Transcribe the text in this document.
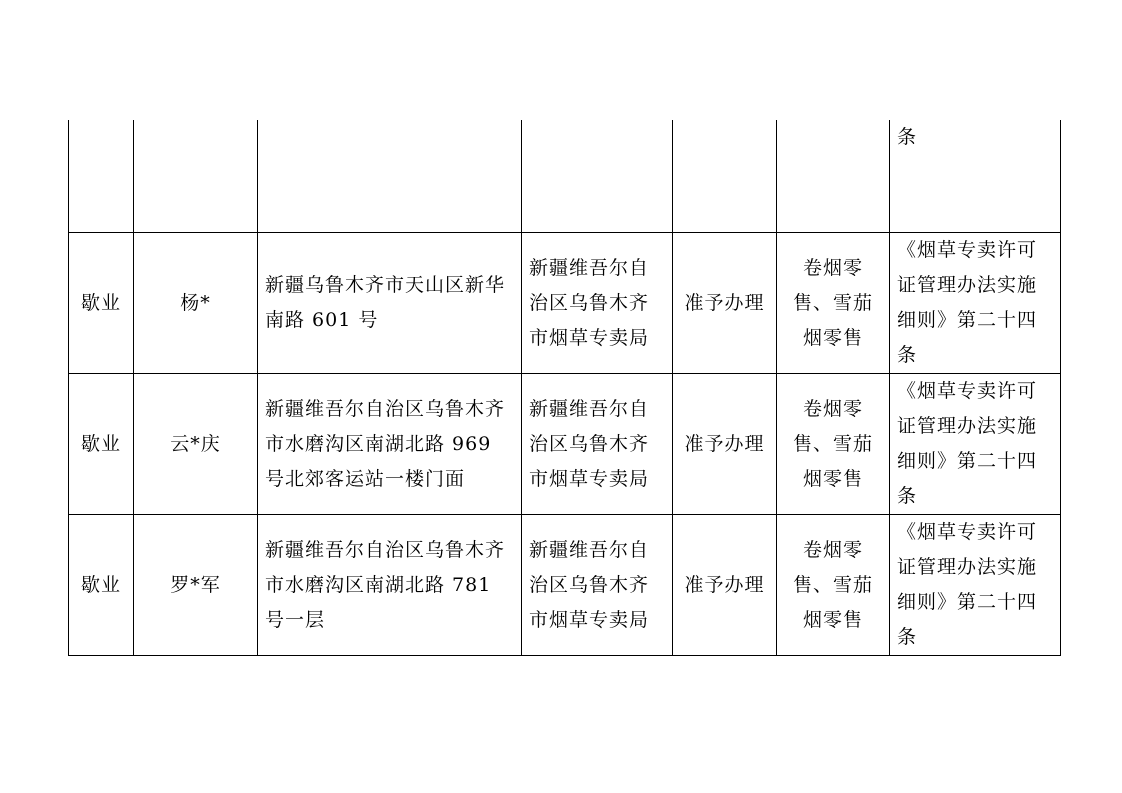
						条
歇业	杨*	新疆乌鲁木齐市天山区新华南路 601 号	新疆维吾尔自治区乌鲁木齐市烟草专卖局	准予办理	卷烟零售、雪茄烟零售	《烟草专卖许可证管理办法实施细则》第二十四条
歇业	云*庆	新疆维吾尔自治区乌鲁木齐市水磨沟区南湖北路 969 号北郊客运站一楼门面	新疆维吾尔自治区乌鲁木齐市烟草专卖局	准予办理	卷烟零售、雪茄烟零售	《烟草专卖许可证管理办法实施细则》第二十四条
歇业	罗*军	新疆维吾尔自治区乌鲁木齐市水磨沟区南湖北路 781 号一层	新疆维吾尔自治区乌鲁木齐市烟草专卖局	准予办理	卷烟零售、雪茄烟零售	《烟草专卖许可证管理办法实施细则》第二十四条
